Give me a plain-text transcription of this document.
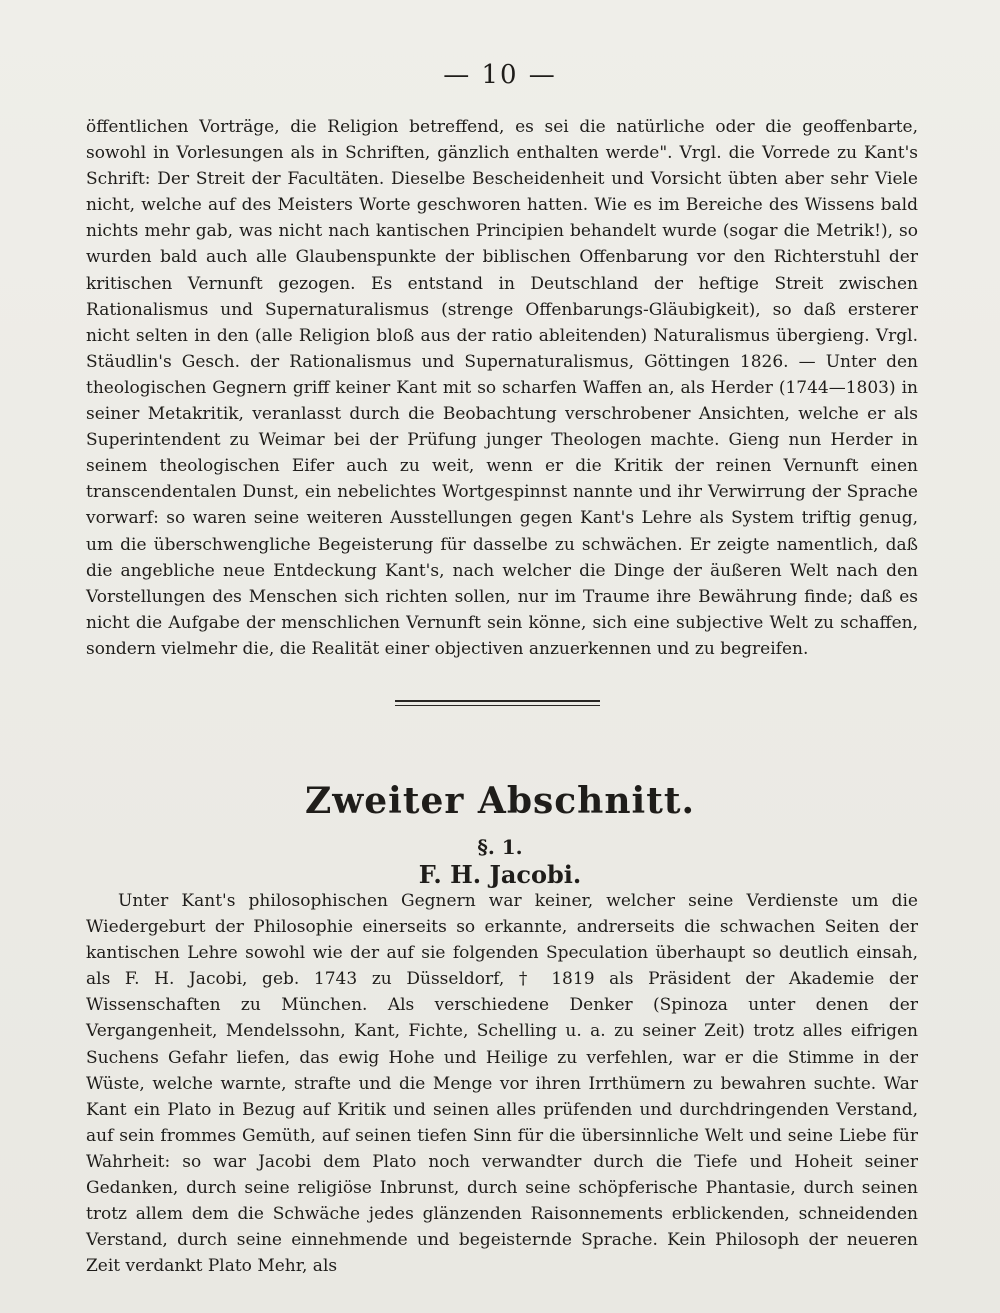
— 10 —
öffentlichen Vorträge, die Religion betreffend, es sei die natürliche oder die geoffenbarte, sowohl in Vorlesungen als in Schriften, gänzlich enthalten werde". Vrgl. die Vorrede zu Kant's Schrift: Der Streit der Facultäten. Dieselbe Bescheidenheit und Vorsicht übten aber sehr Viele nicht, welche auf des Meisters Worte geschworen hatten. Wie es im Bereiche des Wissens bald nichts mehr gab, was nicht nach kantischen Principien behandelt wurde (sogar die Metrik!), so wurden bald auch alle Glaubenspunkte der biblischen Offenbarung vor den Richterstuhl der kritischen Vernunft gezogen. Es entstand in Deutschland der heftige Streit zwischen Rationalismus und Supernaturalismus (strenge Offenbarungs-Gläubigkeit), so daß ersterer nicht selten in den (alle Religion bloß aus der ratio ableitenden) Naturalismus übergieng. Vrgl. Stäudlin's Gesch. der Rationalismus und Supernaturalismus, Göttingen 1826. — Unter den theologischen Gegnern griff keiner Kant mit so scharfen Waffen an, als Herder (1744—1803) in seiner Metakritik, veranlasst durch die Beobachtung verschrobener Ansichten, welche er als Superintendent zu Weimar bei der Prüfung junger Theologen machte. Gieng nun Herder in seinem theologischen Eifer auch zu weit, wenn er die Kritik der reinen Vernunft einen transcendentalen Dunst, ein nebelichtes Wortgespinnst nannte und ihr Verwirrung der Sprache vorwarf: so waren seine weiteren Ausstellungen gegen Kant's Lehre als System triftig genug, um die überschwengliche Begeisterung für dasselbe zu schwächen. Er zeigte namentlich, daß die angebliche neue Entdeckung Kant's, nach welcher die Dinge der äußeren Welt nach den Vorstellungen des Menschen sich richten sollen, nur im Traume ihre Bewährung finde; daß es nicht die Aufgabe der menschlichen Vernunft sein könne, sich eine subjective Welt zu schaffen, sondern vielmehr die, die Realität einer objectiven anzuerkennen und zu begreifen.
Zweiter Abschnitt.
§. 1.
F. H. Jacobi.
Unter Kant's philosophischen Gegnern war keiner, welcher seine Verdienste um die Wiedergeburt der Philosophie einerseits so erkannte, andrerseits die schwachen Seiten der kantischen Lehre sowohl wie der auf sie folgenden Speculation überhaupt so deutlich einsah, als F. H. Jacobi, geb. 1743 zu Düsseldorf, † 1819 als Präsident der Akademie der Wissenschaften zu München. Als verschiedene Denker (Spinoza unter denen der Vergangenheit, Mendelssohn, Kant, Fichte, Schelling u. a. zu seiner Zeit) trotz alles eifrigen Suchens Gefahr liefen, das ewig Hohe und Heilige zu verfehlen, war er die Stimme in der Wüste, welche warnte, strafte und die Menge vor ihren Irrthümern zu bewahren suchte. War Kant ein Plato in Bezug auf Kritik und seinen alles prüfenden und durchdringenden Verstand, auf sein frommes Gemüth, auf seinen tiefen Sinn für die übersinnliche Welt und seine Liebe für Wahrheit: so war Jacobi dem Plato noch verwandter durch die Tiefe und Hoheit seiner Gedanken, durch seine religiöse Inbrunst, durch seine schöpferische Phantasie, durch seinen trotz allem dem die Schwäche jedes glänzenden Raisonnements erblickenden, schneidenden Verstand, durch seine einnehmende und begeisternde Sprache. Kein Philosoph der neueren Zeit verdankt Plato Mehr, als
